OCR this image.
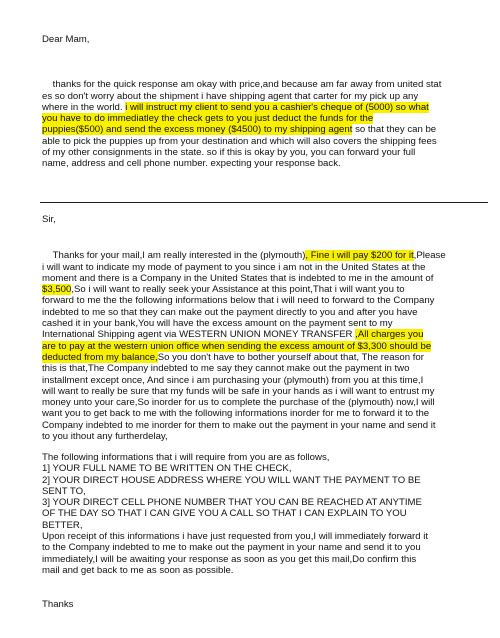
Dear Mam,

thanks for the quick response am okay with price,and because am far away from united stat
es so don't worry about the shipment i have shipping agent that carter for my pick up any
where in the world. i will instruct my client to send you a cashier's cheque of (5000) so what
you have to do immediatley the check gets to you just deduct the funds for the
puppies($500) and send the excess money ($4500) to my shipping agent so that they can be
able to pick the puppies up from your destination and which will also covers the shipping fees
of my other consignments in the state. so if this is okay by you, you can forward your full
name, address and cell phone number. expecting your response back.

Sir,

Thanks for your mail,I am really interested in the (plymouth), Fine i will pay $200 for it,Please
i will want to indicate my mode of payment to you since i am not in the United States at the
moment and there is a Company in the United States that is indebted to me in the amount of
$3,500,So i will want to really seek your Assistance at this point,That i will want you to
forward to me the the following informations below that i will need to forward to the Company
indebted to me so that they can make out the payment directly to you and after you have
cashed it in your bank,You will have the excess amount on the payment sent to my
International Shipping agent via WESTERN UNION MONEY TRANSFER ,All charges you
are to pay at the western union office when sending the excess amount of $3,300 should be
deducted from my balance,So you don't have to bother yourself about that, The reason for
this is that,The Company indebted to me say they cannot make out the payment in two
installment except once, And since i am purchasing your (plymouth) from you at this time,I
will want to really be sure that my funds will be safe in your hands as i will want to entrust my
money unto your care,So inorder for us to complete the purchase of the (plymouth) now,I will
want you to get back to me with the following informations inorder for me to forward it to the
Company indebted to me inorder for them to make out the payment in your name and send it
to you ithout any furtherdelay,

The following informations that i will require from you are as follows,
1] YOUR FULL NAME TO BE WRITTEN ON THE CHECK,
2] YOUR DIRECT HOUSE ADDRESS WHERE YOU WILL WANT THE PAYMENT TO BE
SENT TO,
3] YOUR DIRECT CELL PHONE NUMBER THAT YOU CAN BE REACHED AT ANYTIME
OF THE DAY SO THAT I CAN GIVE YOU A CALL SO THAT I CAN EXPLAIN TO YOU
BETTER,
Upon receipt of this informations i have just requested from you,I will immediately forward it
to the Company indebted to me to make out the payment in your name and send it to you
immediately,I will be awaiting your response as soon as you get this mail,Do confirm this
mail and get back to me as soon as possible.
Thanks
